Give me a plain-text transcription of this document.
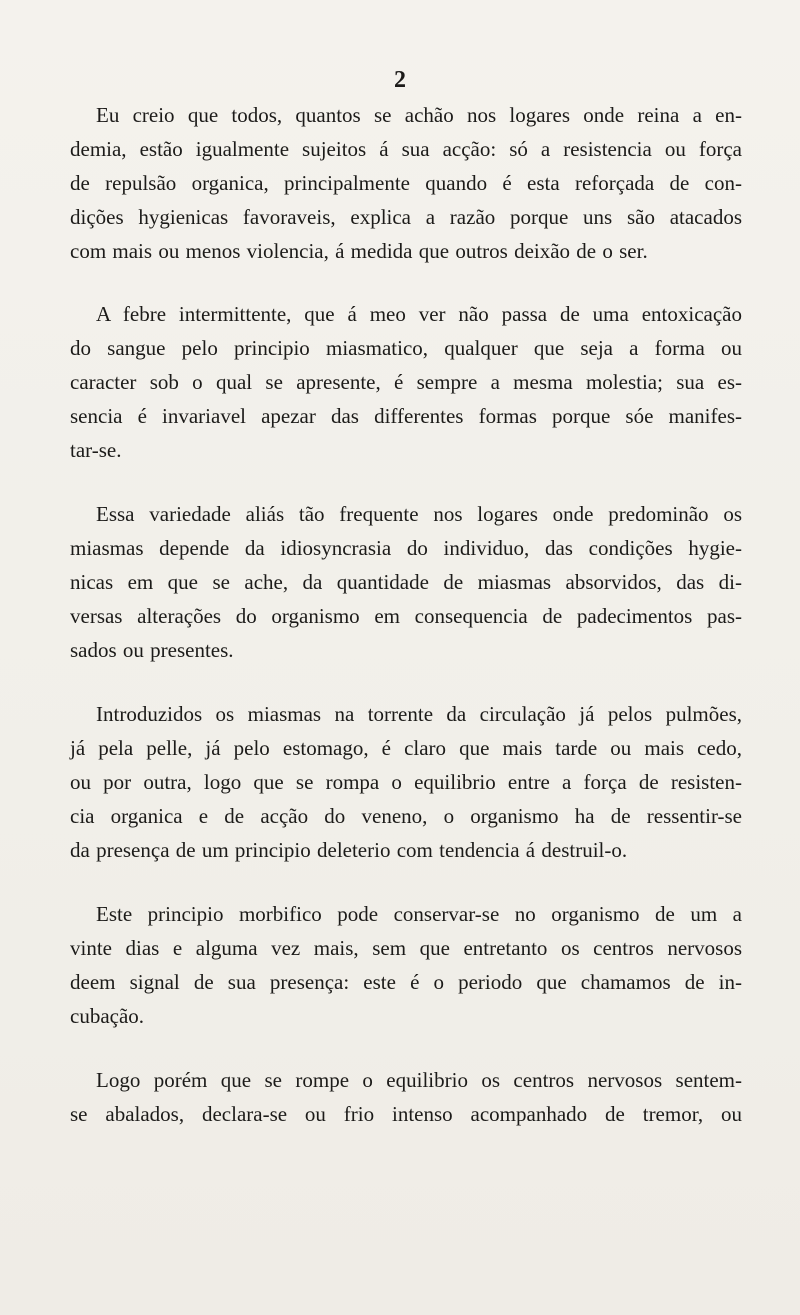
2

Eu creio que todos, quantos se achão nos logares onde reina a en-
demia, estão igualmente sujeitos á sua acção: só a resistencia ou força
de repulsão organica, principalmente quando é esta reforçada de con-
dições hygienicas favoraveis, explica a razão porque uns são atacados
com mais ou menos violencia, á medida que outros deixão de o ser.

A febre intermittente, que á meo ver não passa de uma entoxicação
do sangue pelo principio miasmatico, qualquer que seja a forma ou
caracter sob o qual se apresente, é sempre a mesma molestia; sua es-
sencia é invariavel apezar das differentes formas porque sóe manifes-
tar-se.

Essa variedade aliás tão frequente nos logares onde predominão os
miasmas depende da idiosyncrasia do individuo, das condições hygie-
nicas em que se ache, da quantidade de miasmas absorvidos, das di-
versas alterações do organismo em consequencia de padecimentos pas-
sados ou presentes.

Introduzidos os miasmas na torrente da circulação já pelos pulmões,
já pela pelle, já pelo estomago, é claro que mais tarde ou mais cedo,
ou por outra, logo que se rompa o equilibrio entre a força de resisten-
cia organica e de acção do veneno, o organismo ha de ressentir-se
da presença de um principio deleterio com tendencia á destruil-o.

Este principio morbifico pode conservar-se no organismo de um a
vinte dias e alguma vez mais, sem que entretanto os centros nervosos
deem signal de sua presença: este é o periodo que chamamos de in-
cubação.

Logo porém que se rompe o equilibrio os centros nervosos sentem-
se abalados, declara-se ou frio intenso acompanhado de tremor, ou
